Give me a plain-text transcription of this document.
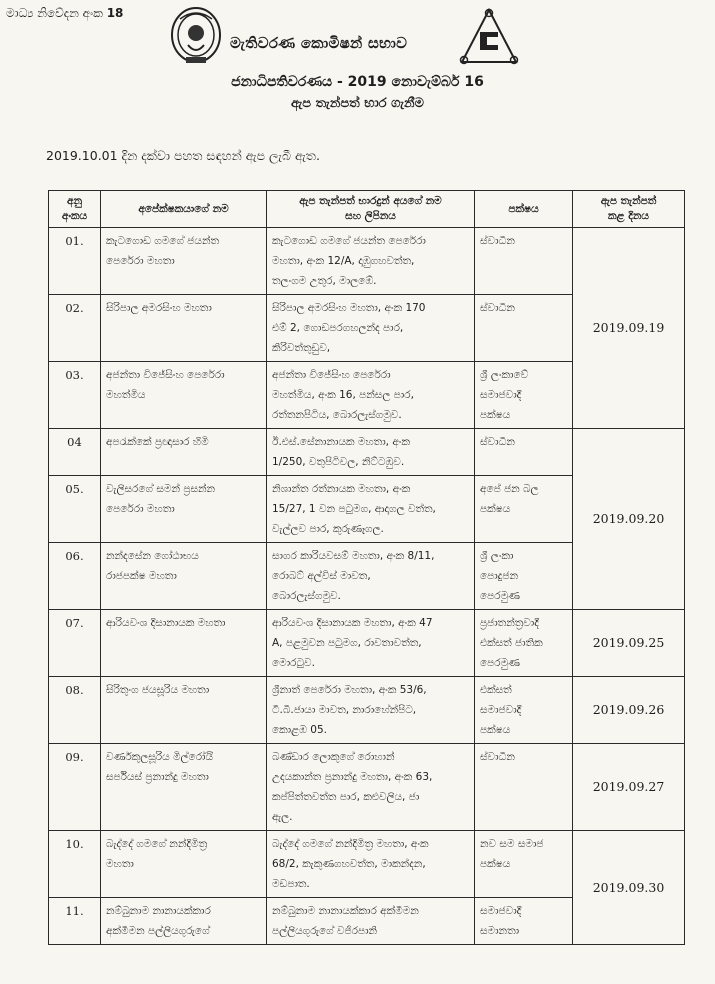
මාධ්‍ය නිවේදන අංක 18
මැතිවරණ කොමිෂන් සභාව
ජනාධිපතිවරණය - 2019 නොවැම්බර් 16
ඇප තැන්පත් භාර ගැනීම
2019.10.01 දින දක්වා පහත සඳහන් ඇප ලැබී ඇත.
අනු
අංකය	අපේක්ෂකයාගේ නම	ඇප තැන්පත් භාරදුන් අයගේ නම
සහ ලිපිනය	පක්ෂය	ඇප තැන්පත්
කළ දිනය

01.	කැටගොඩ ගමගේ ජයන්ත
පෙරේරා මහතා	කැටගොඩ ගමගේ ජයන්ත පෙරේරා
මහතා, අංක 12/A, දාඹුගහවත්ත,
තලංගම උතුර, මාලඹේ.	ස්වාධීන	2019.09.19
02.	සිරිපාල අමරසිංහ මහතා	සිරිපාල අමරසිංහ මහතා, අංක 170
එම් 2, ගොඩපරගහලන්ද පාර,
කිරිවත්තුඩුව,	ස්වාධීන	

03.	අජන්තා විජේසිංහ පෙරේරා
මහත්මිය	අජන්තා විජේසිංහ පෙරේරා
මහත්මිය, අංක 16, පන්සල පාර,
රත්තනපිටිය, බොරලැස්ගමුව.	ශ්‍රී ලංකාවේ
සමාජවාදී
පක්ෂය	

04	අපරැක්කේ ප්‍රඥාසාර හිමි	ඊ.එස්.සේනානායක මහතා, අංක
1/250, වතුපිටිවල, නිට්ටඹුව.	ස්වාධීන	2019.09.20
05.	වැලිසරගේ සමන් ප්‍රසන්න
පෙරේරා මහතා	නිශාන්ත රත්නායක මහතා, අංක
15/27, 1 වන පටුමග, ආදාගල වත්ත,
වැල්ලව පාර, කුරුණෑගල.	අපේ ජන බල
පක්ෂය	

06.	නන්දසේන ගෝඨාභය
රාජපක්ෂ මහතා	සාගර කාරියවසම් මහතා, අංක 8/11,
රොබට් අල්විස් මාවත,
බොරලැස්ගමුව.	ශ්‍රී ලංකා
පොදුජන
පෙරමුණ	

07.	ආරියවංශ දිසානායක මහතා	ආරියවංශ දිසානායක මහතා, අංක 47
A, පළමුවන පටුමග, රාවතාවත්ත,
මොරටුව.	ප්‍රජාතන්ත්‍රවාදී
එක්සත් ජාතික
පෙරමුණ	2019.09.25
08.	සිරිතුංග ජයසූරිය මහතා	ශ්‍රීනාත් පෙරේරා මහතා, අංක 53/6,
ටී.බී.ජායා මාවත, නාරාහේන්පිට,
කොළඹ 05.	එක්සත්
සමාජවාදී
පක්ෂය	2019.09.26
09.	වර්ණකුලසූරිය මිල්රෝයි
සර්පියස් ප්‍රනාන්දු මහතා	බණ්ඩාර ලොකුගේ රොහාන්
උදයකාන්ත ප්‍රනාන්දු මහතා, අංක 63,
කප්පිත්තවත්ත පාර, කළුවලිය, ජා
ඇල.	ස්වාධීන	2019.09.27
10.	බැද්දේ ගමගේ නන්දිමිත්‍ර
මහතා	බැද්දේ ගමගේ නන්දිමිත්‍ර මහතා, අංක
68/2, කැකුණගහවත්ත, මාකන්දන,
මඩපාත.	නව සම සමාජ
පක්ෂය	2019.09.30
11.	නම්බුනාම නානායක්කාර
අක්මීමන පල්ලියගුරුගේ	නම්බුනාම නානායක්කාර අක්මීමන
පල්ලියගුරුගේ වජිරපානි	සමාජවාදී
සමානතා	
